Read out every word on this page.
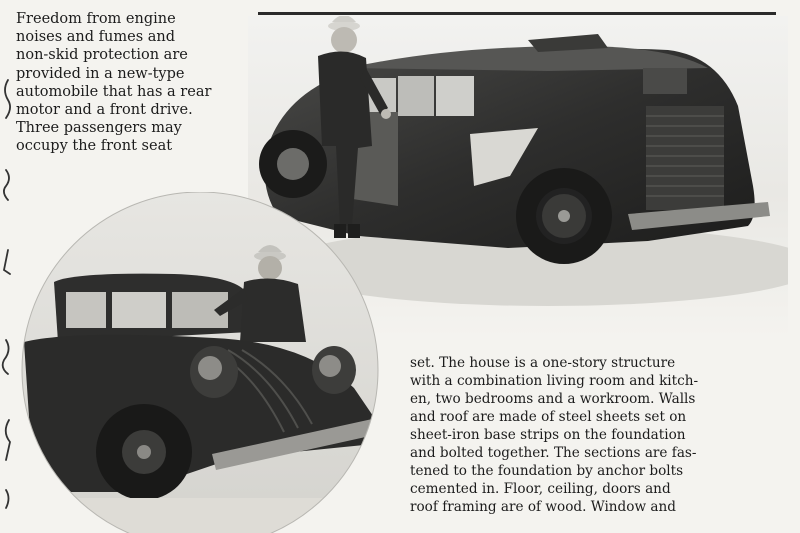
Freedom from engine
noises and fumes and
non-skid protection are
provided in a new-type
automobile that has a rear
motor and a front drive.
Three passengers may
occupy the front seat

set. The house is a one-story structure
with a combination living room and kitch-
en, two bedrooms and a workroom. Walls
and roof are made of steel sheets set on
sheet-iron base strips on the foundation
and bolted together. The sections are fas-
tened to the foundation by anchor bolts
cemented in. Floor, ceiling, doors and
roof framing are of wood. Window and
